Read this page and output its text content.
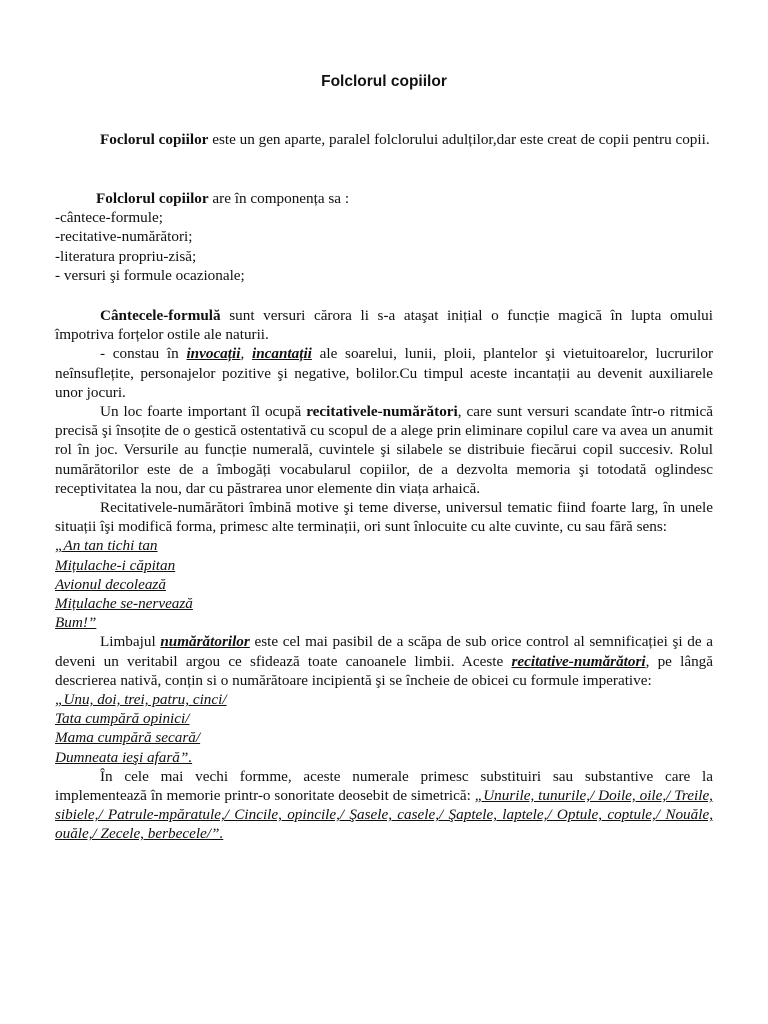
Folclorul copiilor

Foclorul copiilor este un gen aparte, paralel folclorului adulților,dar este creat de copii pentru copii.

Folclorul copiilor are în componența sa :

-cântece-formule;
-recitative-numărători;
-literatura propriu-zisă;
- versuri şi formule ocazionale;

Cântecele-formulă sunt versuri cărora li s-a ataşat inițial o funcție magică în lupta omului împotriva forțelor ostile ale naturii.

- constau în invocații, incantații ale soarelui, lunii, ploii, plantelor şi vietuitoarelor, lucrurilor neînsuflețite, personajelor pozitive şi negative, bolilor.Cu timpul aceste incantații au devenit auxiliarele unor jocuri.

Un loc foarte important îl ocupă recitativele-numărători, care sunt versuri scandate într-o ritmică precisă şi însoțite de o gestică ostentativă cu scopul de a alege prin eliminare copilul care va avea un anumit rol în joc. Versurile au funcție numerală, cuvintele şi silabele se distribuie fiecărui copil succesiv. Rolul numărătorilor este de a îmbogăți vocabularul copiilor, de a dezvolta memoria şi totodată oglindesc receptivitatea la nou, dar cu păstrarea unor elemente din viața arhaică.

Recitativele-numărători îmbină motive şi teme diverse, universul tematic fiind foarte larg, în unele situații îşi modifică forma, primesc alte terminații, ori sunt înlocuite cu alte cuvinte, cu sau fără sens:

„An tan tichi tan
Mițulache-i căpitan
Avionul decolează
Mițulache se-nervează
Bum!”

Limbajul numărătorilor este cel mai pasibil de a scăpa de sub orice control al semnificației şi de a deveni un veritabil argou ce sfidează toate canoanele limbii. Aceste recitative-numărători, pe lângă descrierea nativă, conțin si o numărătoare incipientă şi se încheie de obicei cu formule imperative:

„Unu, doi, trei, patru, cinci/
Tata cumpără opinici/
Mama cumpără secară/
Dumneata ieşi afară”.

În cele mai vechi formme, aceste numerale primesc substituiri sau substantive care la implementează în memorie printr-o sonoritate deosebit de simetrică: „Unurile, tunurile,/ Doile, oile,/ Treile, sibiele,/ Patrule-mpăratule,/ Cincile, opincile,/ Şasele, casele,/ Şaptele, laptele,/ Optule, coptule,/ Nouăle, ouăle,/ Zecele, berbecele/”.
